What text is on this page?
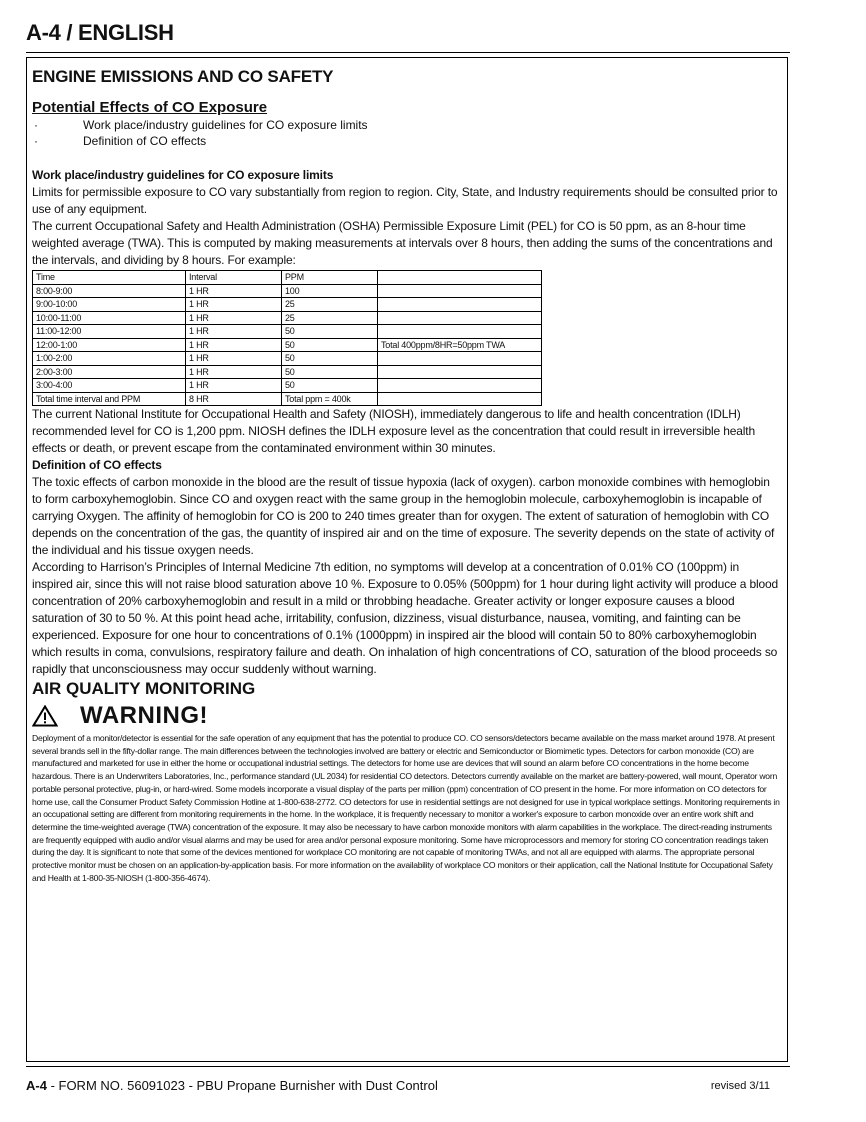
A-4 / ENGLISH
ENGINE EMISSIONS AND CO SAFETY
Potential Effects of CO Exposure
· Work place/industry guidelines for CO exposure limits
· Definition of CO effects

Work place/industry guidelines for CO exposure limits

Limits for permissible exposure to CO vary substantially from region to region. City, State, and Industry requirements should be consulted prior to use of any equipment.

The current Occupational Safety and Health Administration (OSHA) Permissible Exposure Limit (PEL) for CO is 50 ppm, as an 8-hour time weighted average (TWA). This is computed by making measurements at intervals over 8 hours, then adding the sums of the concentrations and the intervals, and dividing by 8 hours. For example:

Time	Interval	PPM	
8:00-9:00	1 HR	100	
9:00-10:00	1 HR	25	
10:00-11:00	1 HR	25	
11:00-12:00	1 HR	50	
12:00-1:00	1 HR	50	Total 400ppm/8HR=50ppm TWA
1:00-2:00	1 HR	50	
2:00-3:00	1 HR	50	
3:00-4:00	1 HR	50	
Total time interval and PPM	8 HR	Total ppm = 400k	

The current National Institute for Occupational Health and Safety (NIOSH), immediately dangerous to life and health concentration (IDLH) recommended level for CO is 1,200 ppm. NIOSH defines the IDLH exposure level as the concentration that could result in irreversible health effects or death, or prevent escape from the contaminated environment within 30 minutes.

Definition of CO effects

The toxic effects of carbon monoxide in the blood are the result of tissue hypoxia (lack of oxygen). carbon monoxide combines with hemoglobin to form carboxyhemoglobin. Since CO and oxygen react with the same group in the hemoglobin molecule, carboxyhemoglobin is incapable of carrying Oxygen. The affinity of hemoglobin for CO is 200 to 240 times greater than for oxygen. The extent of saturation of hemoglobin with CO depends on the concentration of the gas, the quantity of inspired air and on the time of exposure. The severity depends on the state of activity of the individual and his tissue oxygen needs.

According to Harrison’s Principles of Internal Medicine 7th edition, no symptoms will develop at a concentration of 0.01% CO (100ppm) in inspired air, since this will not raise blood saturation above 10 %. Exposure to 0.05% (500ppm) for 1 hour during light activity will produce a blood concentration of 20% carboxyhemoglobin and result in a mild or throbbing headache. Greater activity or longer exposure causes a blood saturation of 30 to 50 %. At this point head ache, irritability, confusion, dizziness, visual disturbance, nausea, vomiting, and fainting can be experienced. Exposure for one hour to concentrations of 0.1% (1000ppm) in inspired air the blood will contain 50 to 80% carboxyhemoglobin which results in coma, convulsions, respiratory failure and death. On inhalation of high concentrations of CO, saturation of the blood proceeds so rapidly that unconsciousness may occur suddenly without warning.

AIR QUALITY MONITORING
WARNING!

Deployment of a monitor/detector is essential for the safe operation of any equipment that has the potential to produce CO. CO sensors/detectors became available on the mass market around 1978. At present several brands sell in the fifty-dollar range. The main differences between the technologies involved are battery or electric and Semiconductor or Biomimetic types. Detectors for carbon monoxide (CO) are manufactured and marketed for use in either the home or occupational industrial settings. The detectors for home use are devices that will sound an alarm before CO concentrations in the home become hazardous. There is an Underwriters Laboratories, Inc., performance standard (UL 2034) for residential CO detectors. Detectors currently available on the market are battery-powered, wall mount, Operator worn portable personal protective, plug-in, or hard-wired. Some models incorporate a visual display of the parts per million (ppm) concentration of CO present in the home. For more information on CO detectors for home use, call the Consumer Product Safety Commission Hotline at 1-800-638-2772. CO detectors for use in residential settings are not designed for use in typical workplace settings. Monitoring requirements in an occupational setting are different from monitoring requirements in the home. In the workplace, it is frequently necessary to monitor a worker's exposure to carbon monoxide over an entire work shift and determine the time-weighted average (TWA) concentration of the exposure. It may also be necessary to have carbon monoxide monitors with alarm capabilities in the workplace. The direct-reading instruments are frequently equipped with audio and/or visual alarms and may be used for area and/or personal exposure monitoring. Some have microprocessors and memory for storing CO concentration readings taken during the day. It is significant to note that some of the devices mentioned for workplace CO monitoring are not capable of monitoring TWAs, and not all are equipped with alarms. The appropriate personal protective monitor must be chosen on an application-by-application basis. For more information on the availability of workplace CO monitors or their application, call the National Institute for Occupational Safety and Health at 1-800-35-NIOSH (1-800-356-4674).

A-4 - FORM NO. 56091023 - PBU Propane Burnisher with Dust Control	revised 3/11
